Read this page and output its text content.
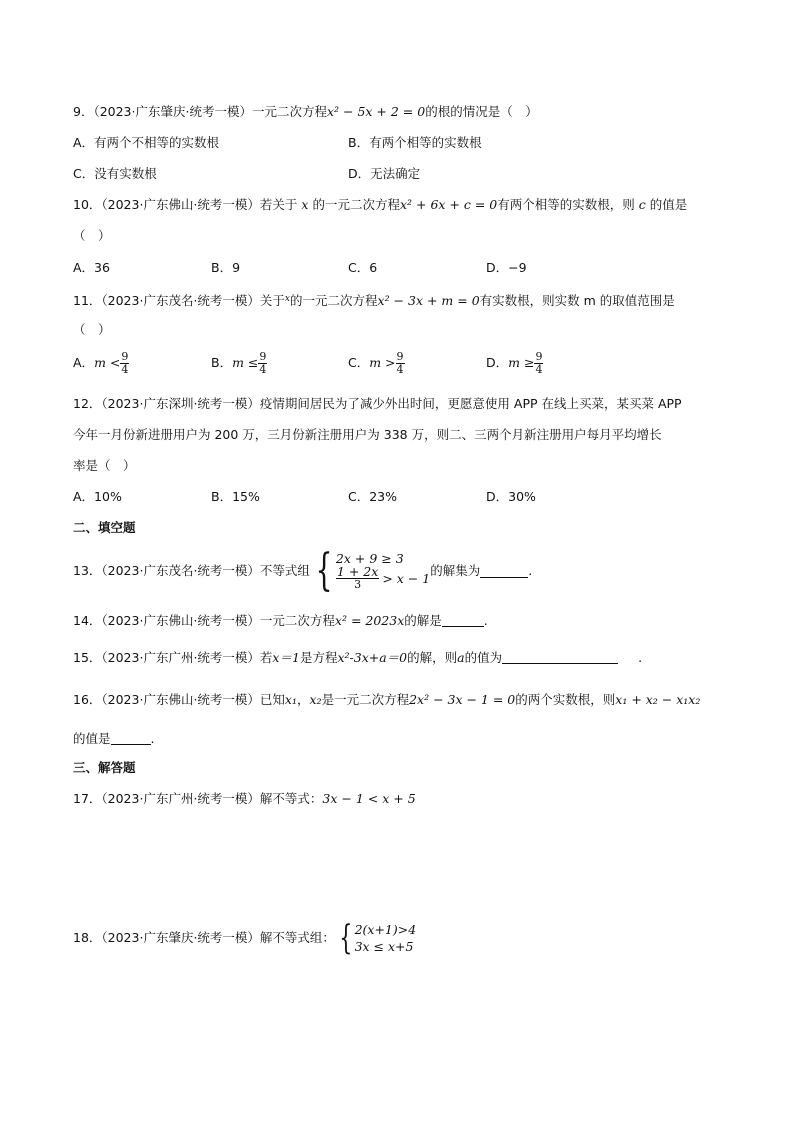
9．（2023·广东肇庆·统考一模）一元二次方程x² − 5x + 2 = 0的根的情况是（　）
A．有两个不相等的实数根	B．有两个相等的实数根
C．没有实数根	D．无法确定
10．（2023·广东佛山·统考一模）若关于 x 的一元二次方程x² + 6x + c = 0有两个相等的实数根，则 c 的值是
（　）
A．36	B．9	C．6	D．−9
11．（2023·广东茂名·统考一模）关于$^x$的一元二次方程x² − 3x + m = 0有实数根，则实数 m 的取值范围是
（　）
A．$m < \frac{9}{4}$	B．$m \le \frac{9}{4}$	C．$m > \frac{9}{4}$	D．$m \ge \frac{9}{4}$
12．（2023·广东深圳·统考一模）疫情期间居民为了减少外出时间，更愿意使用 APP 在线上买菜，某买菜 APP
今年一月份新进册用户为 200 万，三月份新注册用户为 338 万，则二、三两个月新注册用户每月平均增长
率是（　）
A．10%	B．15%	C．23%	D．30%
二、填空题
13．（2023·广东茂名·统考一模）不等式组 { 2x + 9 ≥ 3
$\frac{1 + 2x}{3} > x - 1$
的解集为	.
14．（2023·广东佛山·统考一模）一元二次方程x² = 2023x的解是	.
15．（2023·广东广州·统考一模）若x＝1是方程x²-3x+a＝0的解，则a的值为	.
16．（2023·广东佛山·统考一模）已知x₁，x₂是一元二次方程2x² − 3x − 1 = 0的两个实数根，则x₁ + x₂ − x₁x₂
的值是	.
三、解答题
17．（2023·广东广州·统考一模）解不等式：3x − 1 < x + 5
18．（2023·广东肇庆·统考一模）解不等式组： { 2(x+1)>4
3x ≤ x+5
